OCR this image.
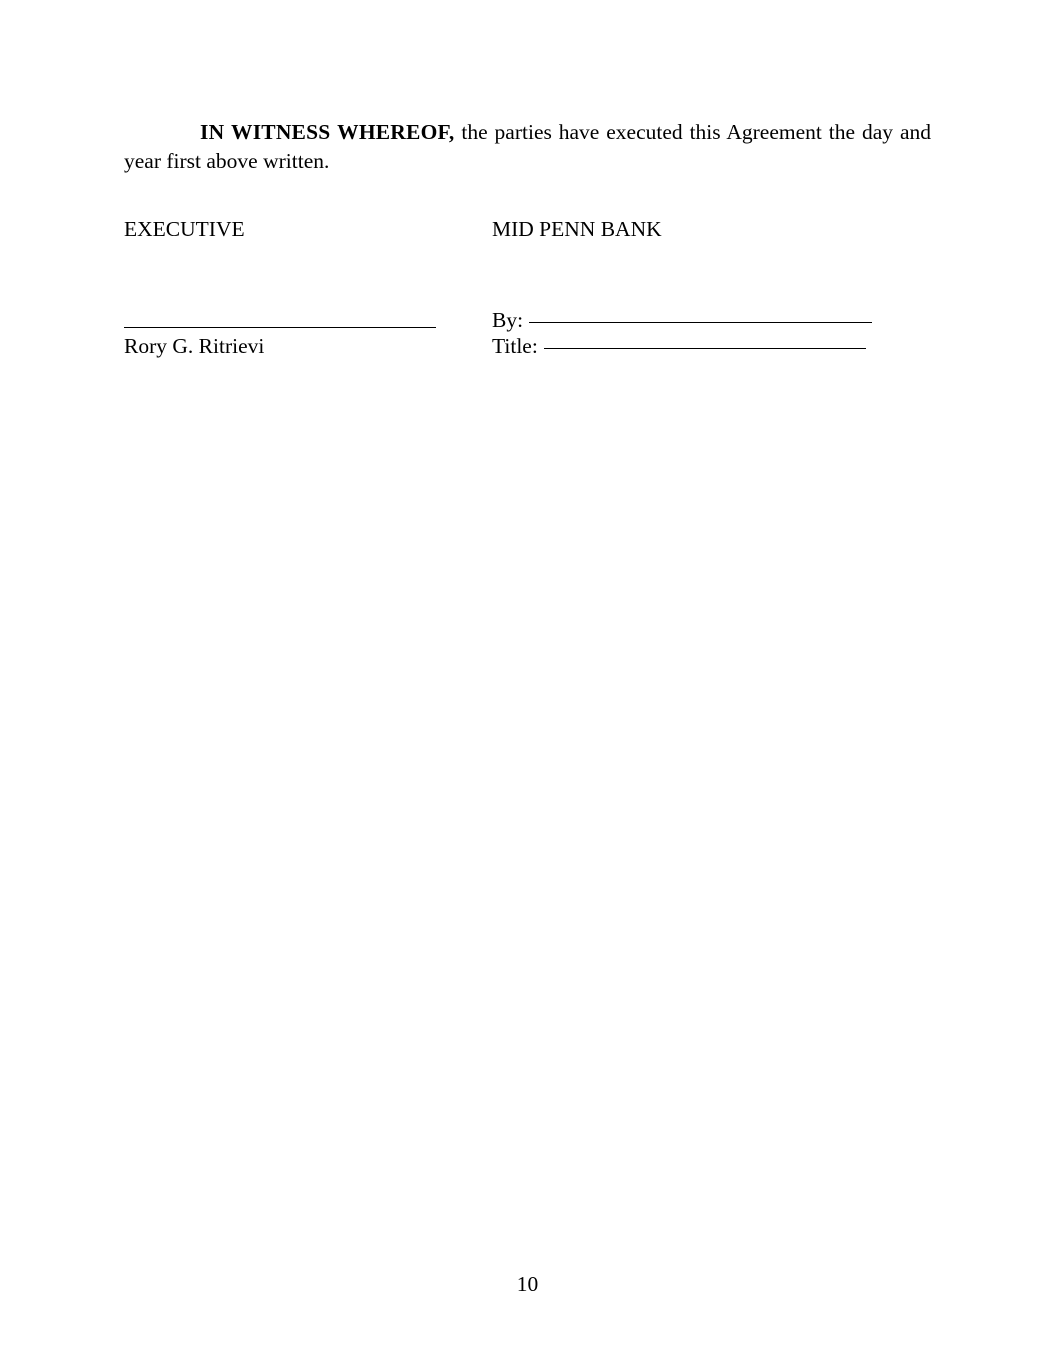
IN WITNESS WHEREOF, the parties have executed this Agreement the day and year first above written.

EXECUTIVE	MID PENN BANK
Rory G. Ritrievi
By:
Title:
10
